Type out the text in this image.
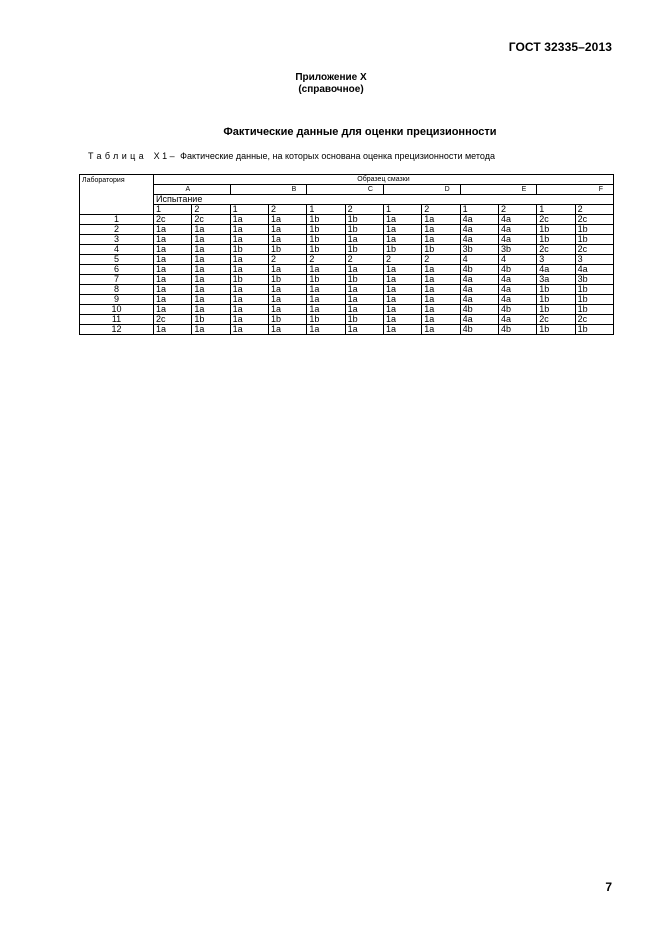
ГОСТ 32335–2013
Приложение X
(справочное)
Фактические данные для оценки прецизионности
Таблица X 1 – Фактические данные, на которых основана оценка прецизионности метода
Лаборатория	Образец смазки											
	A		B		C		D		E		F	
	Испытание											
	1	2	1	2	1	2	1	2	1	2	1	2
1	2c	2c	1a	1a	1b	1b	1a	1a	4a	4a	2c	2c
2	1a	1a	1a	1a	1b	1b	1a	1a	4a	4a	1b	1b
3	1a	1a	1a	1a	1b	1a	1a	1a	4a	4a	1b	1b
4	1a	1a	1b	1b	1b	1b	1b	1b	3b	3b	2c	2c
5	1a	1a	1a	2	2	2	2	2	4	4	3	3
6	1a	1a	1a	1a	1a	1a	1a	1a	4b	4b	4a	4a
7	1a	1a	1b	1b	1b	1b	1a	1a	4a	4a	3a	3b
8	1a	1a	1a	1a	1a	1a	1a	1a	4a	4a	1b	1b
9	1a	1a	1a	1a	1a	1a	1a	1a	4a	4a	1b	1b
10	1a	1a	1a	1a	1a	1a	1a	1a	4b	4b	1b	1b
11	2c	1b	1a	1b	1b	1b	1a	1a	4a	4a	2c	2c
12	1a	1a	1a	1a	1a	1a	1a	1a	4b	4b	1b	1b
7
